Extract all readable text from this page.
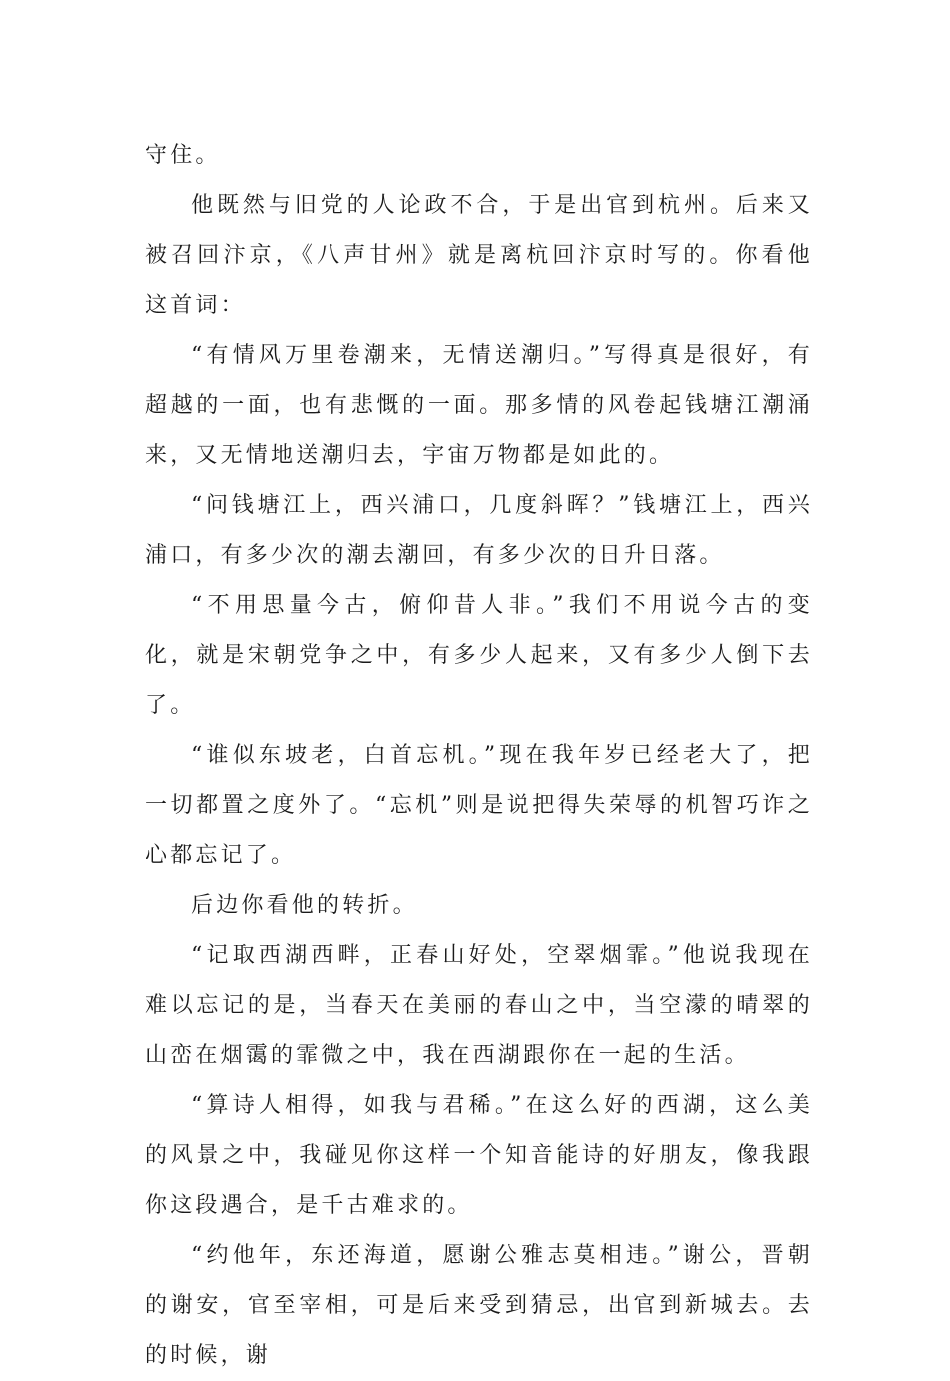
守住。

他既然与旧党的人论政不合，于是出官到杭州。后来又被召回汴京，《八声甘州》就是离杭回汴京时写的。你看他这首词：

“有情风万里卷潮来，无情送潮归。”写得真是很好，有超越的一面，也有悲慨的一面。那多情的风卷起钱塘江潮涌来，又无情地送潮归去，宇宙万物都是如此的。

“问钱塘江上，西兴浦口，几度斜晖？”钱塘江上，西兴浦口，有多少次的潮去潮回，有多少次的日升日落。

“不用思量今古，俯仰昔人非。”我们不用说今古的变化，就是宋朝党争之中，有多少人起来，又有多少人倒下去了。

“谁似东坡老，白首忘机。”现在我年岁已经老大了，把一切都置之度外了。“忘机”则是说把得失荣辱的机智巧诈之心都忘记了。

后边你看他的转折。

“记取西湖西畔，正春山好处，空翠烟霏。”他说我现在难以忘记的是，当春天在美丽的春山之中，当空濛的晴翠的山峦在烟霭的霏微之中，我在西湖跟你在一起的生活。

“算诗人相得，如我与君稀。”在这么好的西湖，这么美的风景之中，我碰见你这样一个知音能诗的好朋友，像我跟你这段遇合，是千古难求的。

“约他年，东还海道，愿谢公雅志莫相违。”谢公，晋朝的谢安，官至宰相，可是后来受到猜忌，出官到新城去。去的时候，谢
